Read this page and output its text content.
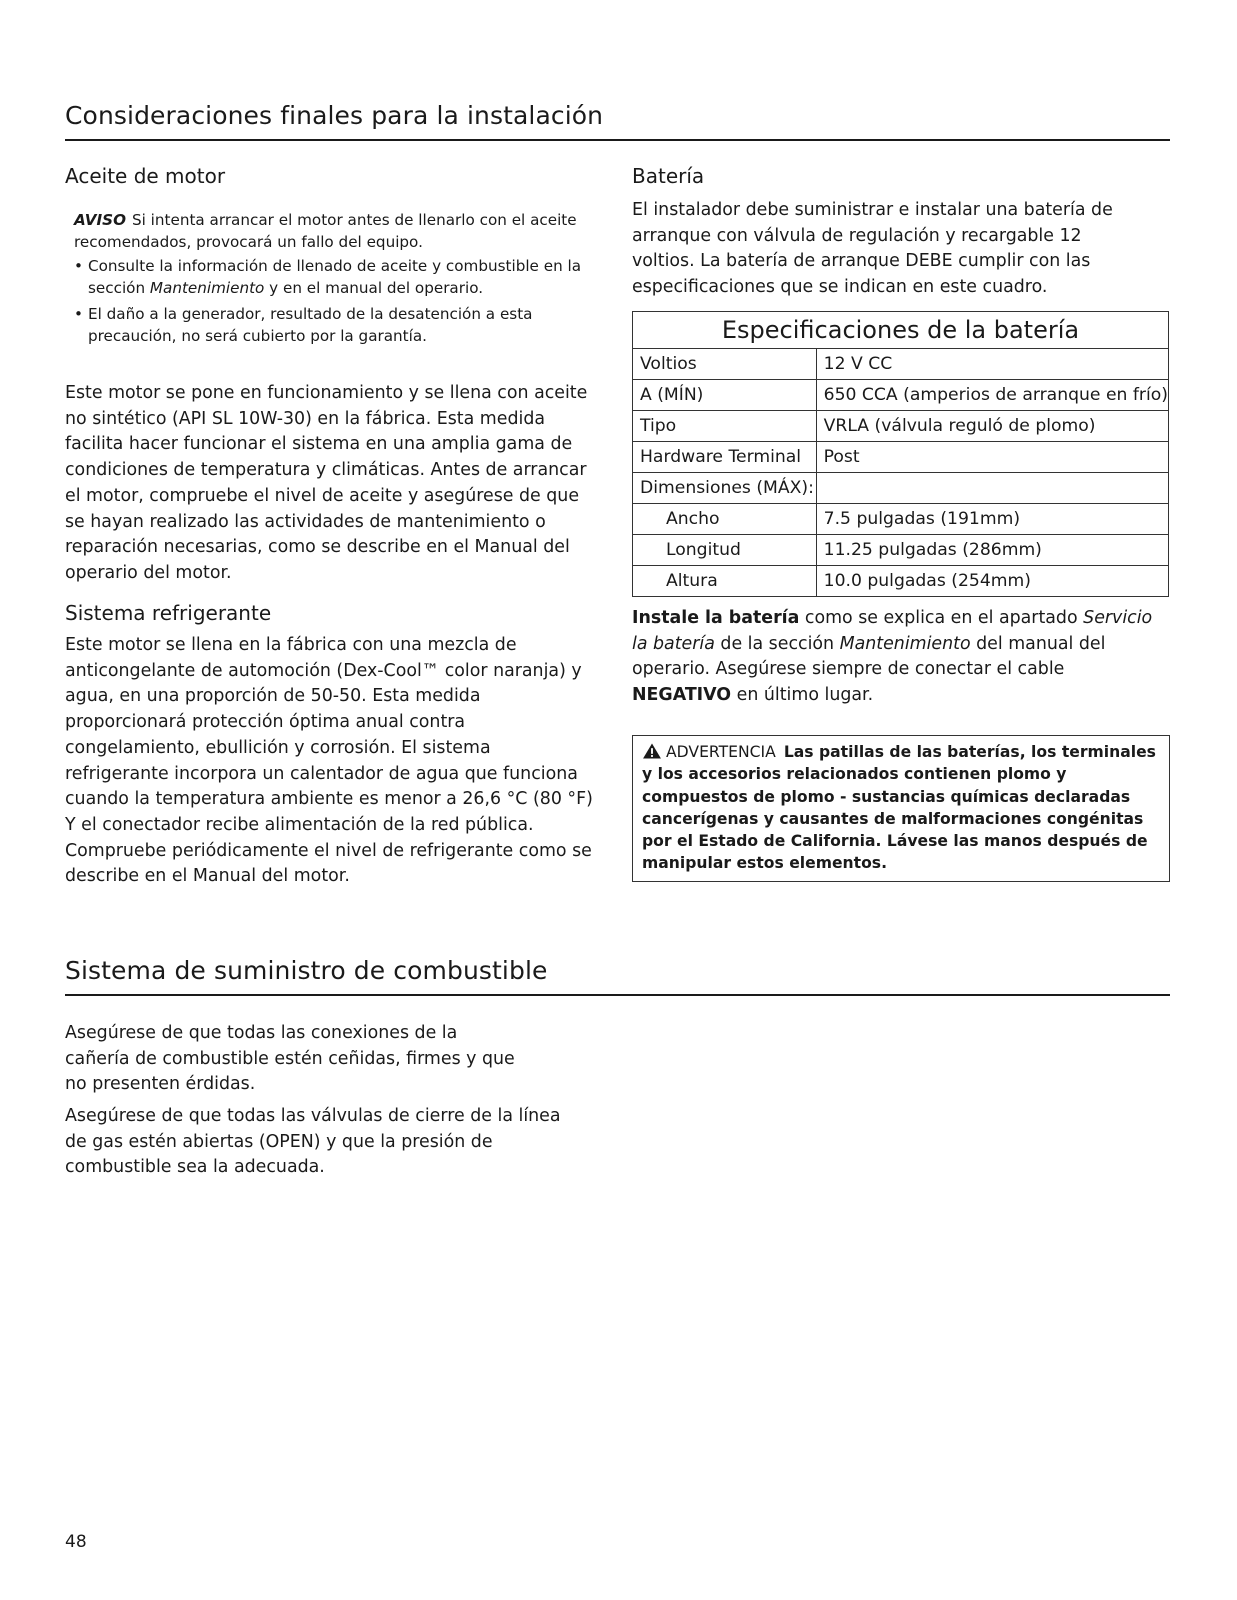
Consideraciones finales para la instalación
Aceite de motor
AVISO Si intenta arrancar el motor antes de llenarlo con el aceite recomendados, provocará un fallo del equipo.
• Consulte la información de llenado de aceite y combustible en la sección Mantenimiento y en el manual del operario.
• El daño a la generador, resultado de la desatención a esta precaución, no será cubierto por la garantía.

Este motor se pone en funcionamiento y se llena con aceite no sintético (API SL 10W-30) en la fábrica. Esta medida facilita hacer funcionar el sistema en una amplia gama de condiciones de temperatura y climáticas. Antes de arrancar el motor, compruebe el nivel de aceite y asegúrese de que se hayan realizado las actividades de mantenimiento o reparación necesarias, como se describe en el Manual del operario del motor.

Sistema refrigerante

Este motor se llena en la fábrica con una mezcla de anticongelante de automoción (Dex-Cool™ color naranja) y agua, en una proporción de 50-50. Esta medida proporcionará protección óptima anual contra congelamiento, ebullición y corrosión. El sistema refrigerante incorpora un calentador de agua que funciona cuando la temperatura ambiente es menor a 26,6 °C (80 °F) Y el conectador recibe alimentación de la red pública. Compruebe periódicamente el nivel de refrigerante como se describe en el Manual del motor.

Batería

El instalador debe suministrar e instalar una batería de arranque con válvula de regulación y recargable 12 voltios. La batería de arranque DEBE cumplir con las especificaciones que se indican en este cuadro.

Especificaciones de la batería	
Voltios	12 V CC
A (MÍN)	650 CCA (amperios de arranque en frío)
Tipo	VRLA (válvula reguló de plomo)
Hardware Terminal	Post
Dimensiones (MÁX):	
Ancho	7.5 pulgadas (191mm)
Longitud	11.25 pulgadas (286mm)
Altura	10.0 pulgadas (254mm)

Instale la batería como se explica en el apartado Servicio la batería de la sección Mantenimiento del manual del operario. Asegúrese siempre de conectar el cable NEGATIVO en último lugar.

ADVERTENCIA Las patillas de las baterías, los terminales y los accesorios relacionados contienen plomo y compuestos de plomo - sustancias químicas declaradas cancerígenas y causantes de malformaciones congénitas por el Estado de California. Lávese las manos después de manipular estos elementos.
Sistema de suministro de combustible

Asegúrese de que todas las conexiones de la cañería de combustible estén ceñidas, firmes y que no presenten érdidas.

Asegúrese de que todas las válvulas de cierre de la línea de gas estén abiertas (OPEN) y que la presión de combustible sea la adecuada.

48
